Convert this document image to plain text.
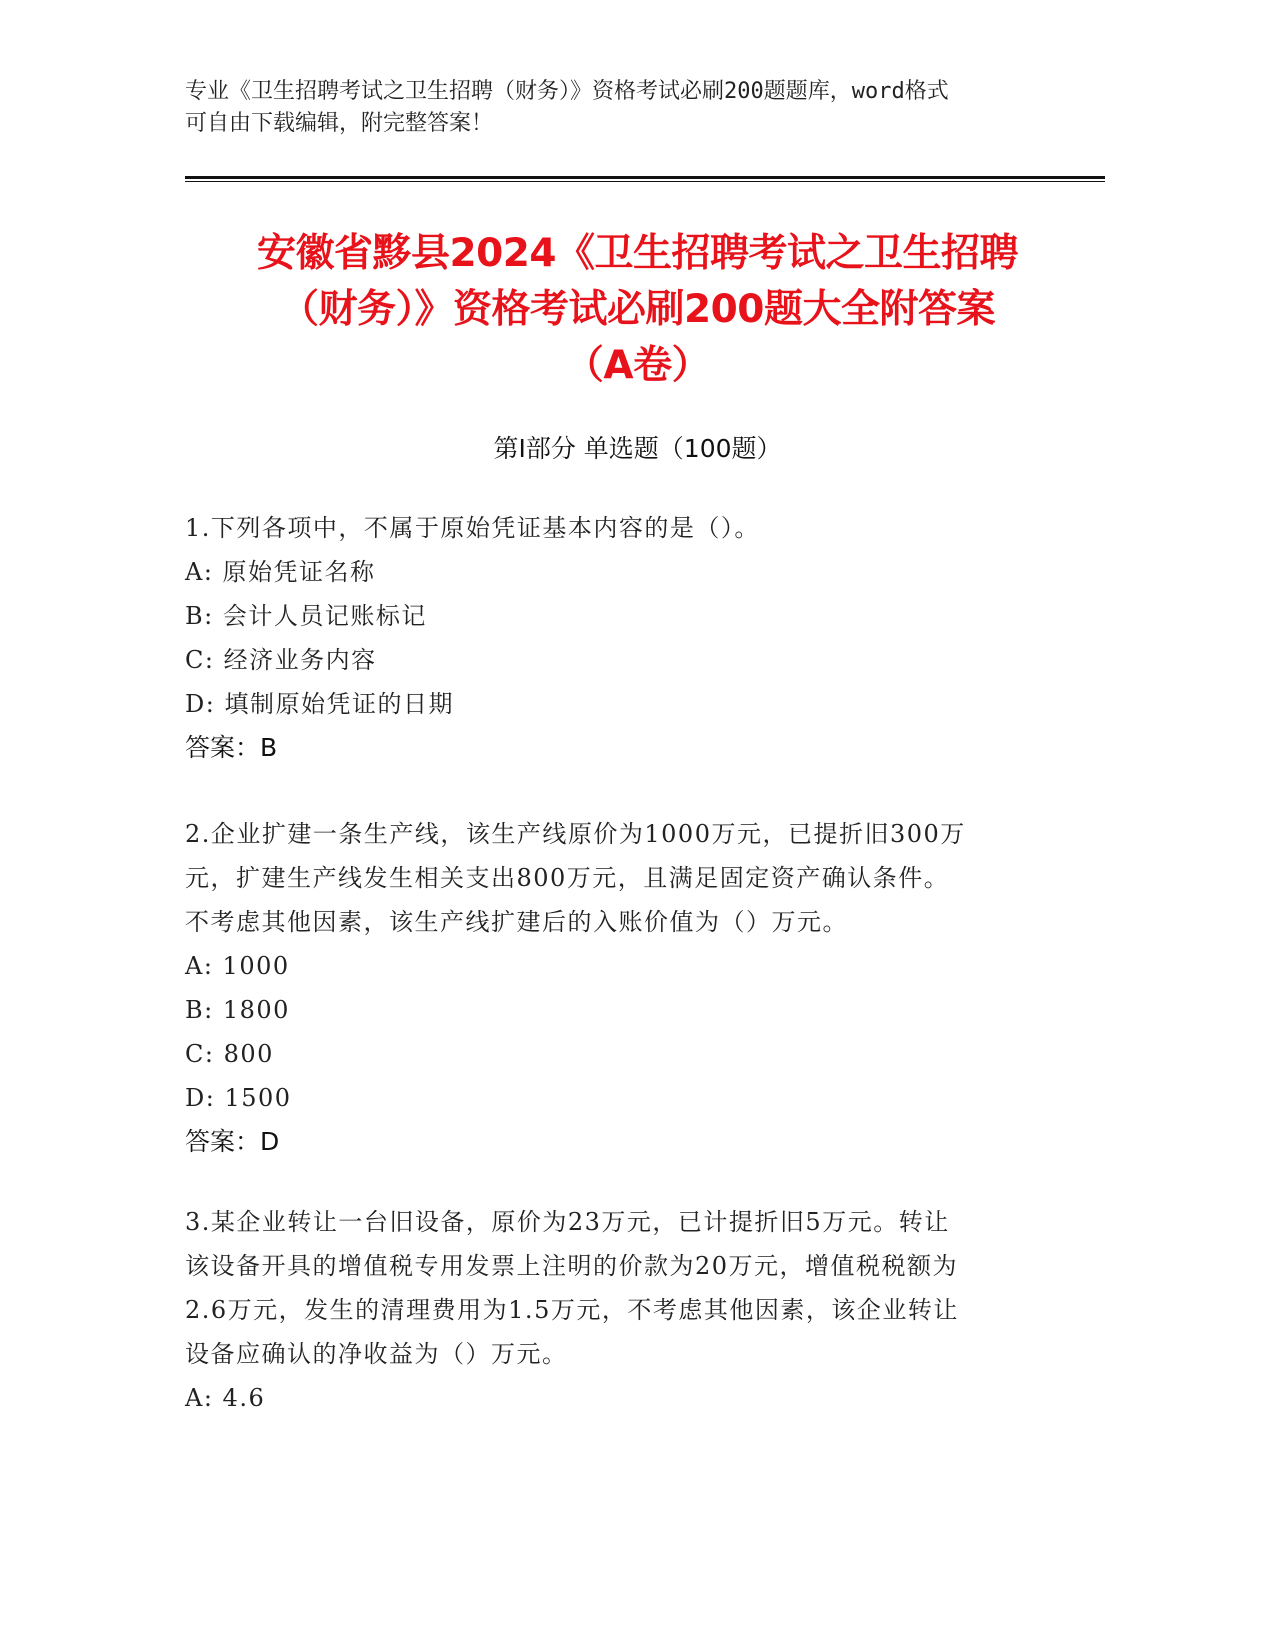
专业《卫生招聘考试之卫生招聘（财务）》资格考试必刷200题题库，word格式
可自由下载编辑，附完整答案！
安徽省黟县2024《卫生招聘考试之卫生招聘
（财务）》资格考试必刷200题大全附答案
（A卷）
第Ⅰ部分 单选题（100题）
1.下列各项中，不属于原始凭证基本内容的是（）。
A: 原始凭证名称
B: 会计人员记账标记
C: 经济业务内容
D: 填制原始凭证的日期
答案：B
2.企业扩建一条生产线，该生产线原价为1000万元，已提折旧300万
元，扩建生产线发生相关支出800万元，且满足固定资产确认条件。
不考虑其他因素，该生产线扩建后的入账价值为（）万元。
A: 1000
B: 1800
C: 800
D: 1500
答案：D
3.某企业转让一台旧设备，原价为23万元，已计提折旧5万元。转让
该设备开具的增值税专用发票上注明的价款为20万元，增值税税额为
2.6万元，发生的清理费用为1.5万元，不考虑其他因素，该企业转让
设备应确认的净收益为（）万元。
A: 4.6
